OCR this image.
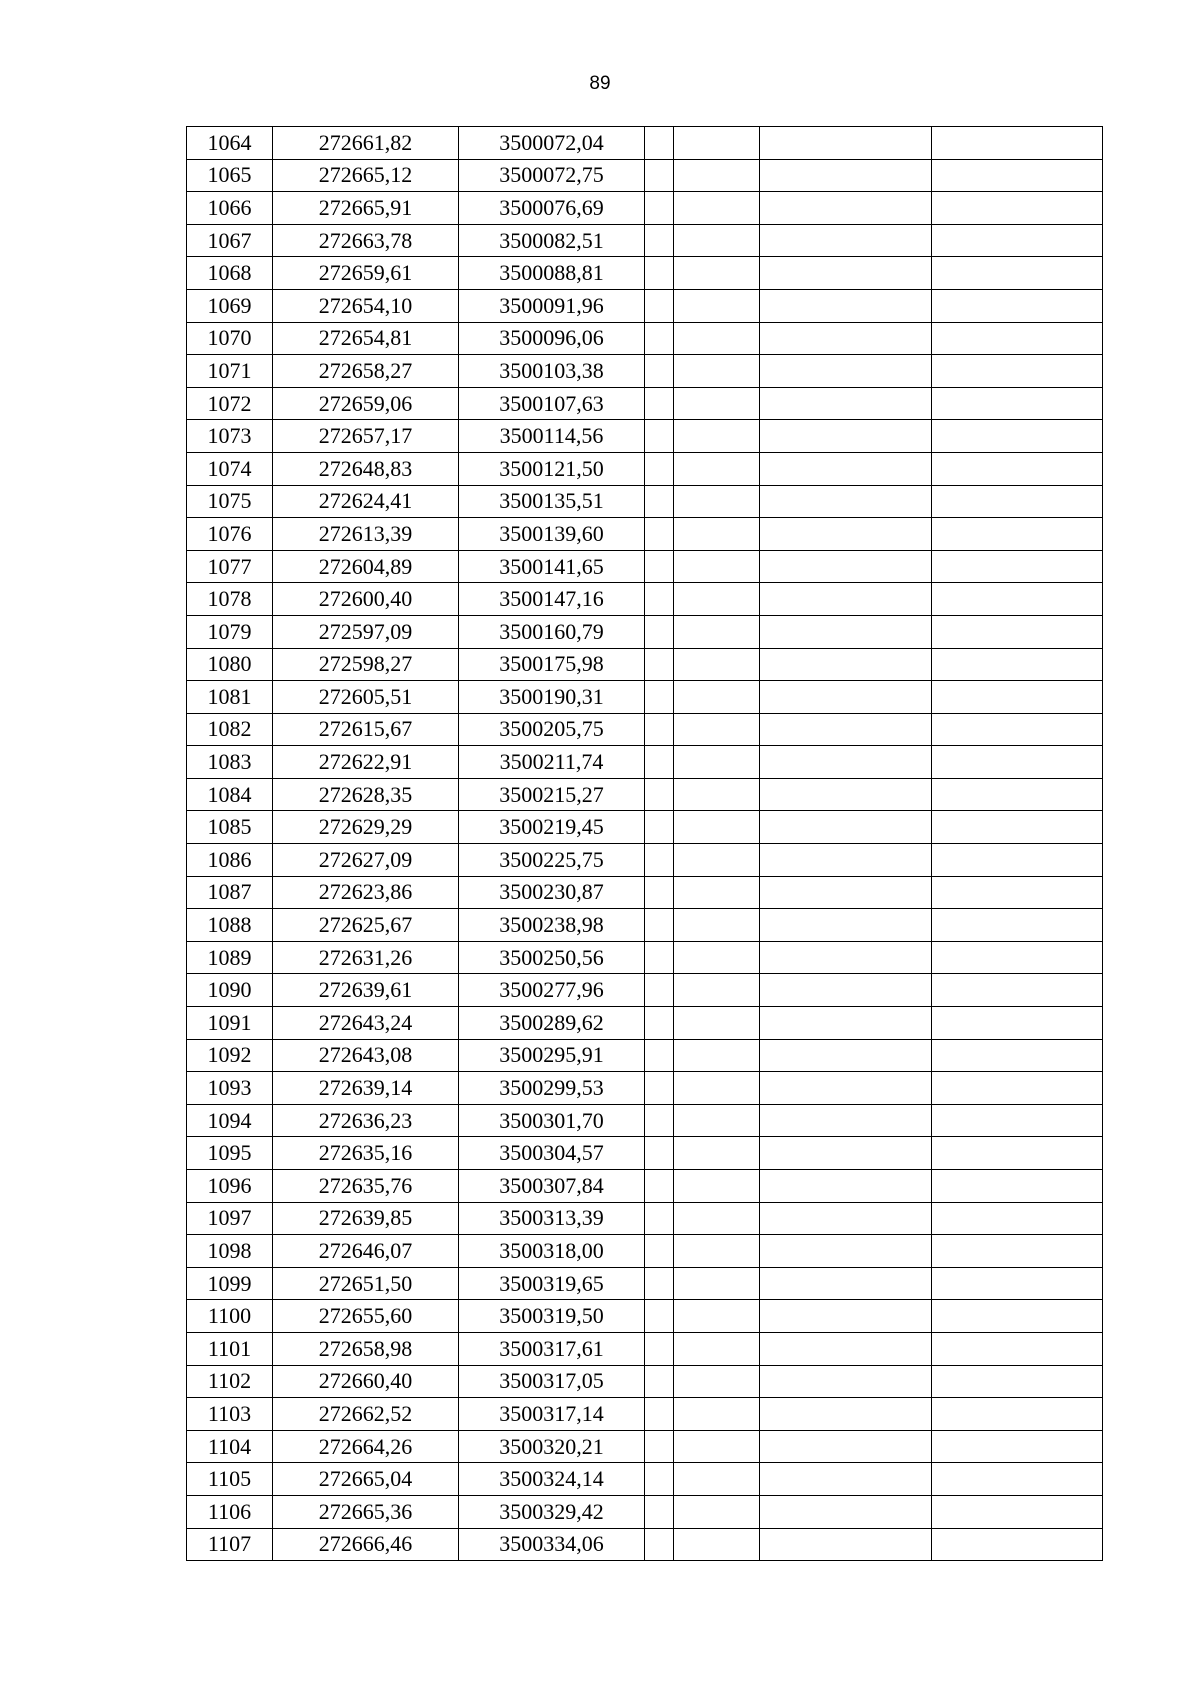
89
1064	272661,82	3500072,04				
1065	272665,12	3500072,75				
1066	272665,91	3500076,69				
1067	272663,78	3500082,51				
1068	272659,61	3500088,81				
1069	272654,10	3500091,96				
1070	272654,81	3500096,06				
1071	272658,27	3500103,38				
1072	272659,06	3500107,63				
1073	272657,17	3500114,56				
1074	272648,83	3500121,50				
1075	272624,41	3500135,51				
1076	272613,39	3500139,60				
1077	272604,89	3500141,65				
1078	272600,40	3500147,16				
1079	272597,09	3500160,79				
1080	272598,27	3500175,98				
1081	272605,51	3500190,31				
1082	272615,67	3500205,75				
1083	272622,91	3500211,74				
1084	272628,35	3500215,27				
1085	272629,29	3500219,45				
1086	272627,09	3500225,75				
1087	272623,86	3500230,87				
1088	272625,67	3500238,98				
1089	272631,26	3500250,56				
1090	272639,61	3500277,96				
1091	272643,24	3500289,62				
1092	272643,08	3500295,91				
1093	272639,14	3500299,53				
1094	272636,23	3500301,70				
1095	272635,16	3500304,57				
1096	272635,76	3500307,84				
1097	272639,85	3500313,39				
1098	272646,07	3500318,00				
1099	272651,50	3500319,65				
1100	272655,60	3500319,50				
1101	272658,98	3500317,61				
1102	272660,40	3500317,05				
1103	272662,52	3500317,14				
1104	272664,26	3500320,21				
1105	272665,04	3500324,14				
1106	272665,36	3500329,42				
1107	272666,46	3500334,06				
